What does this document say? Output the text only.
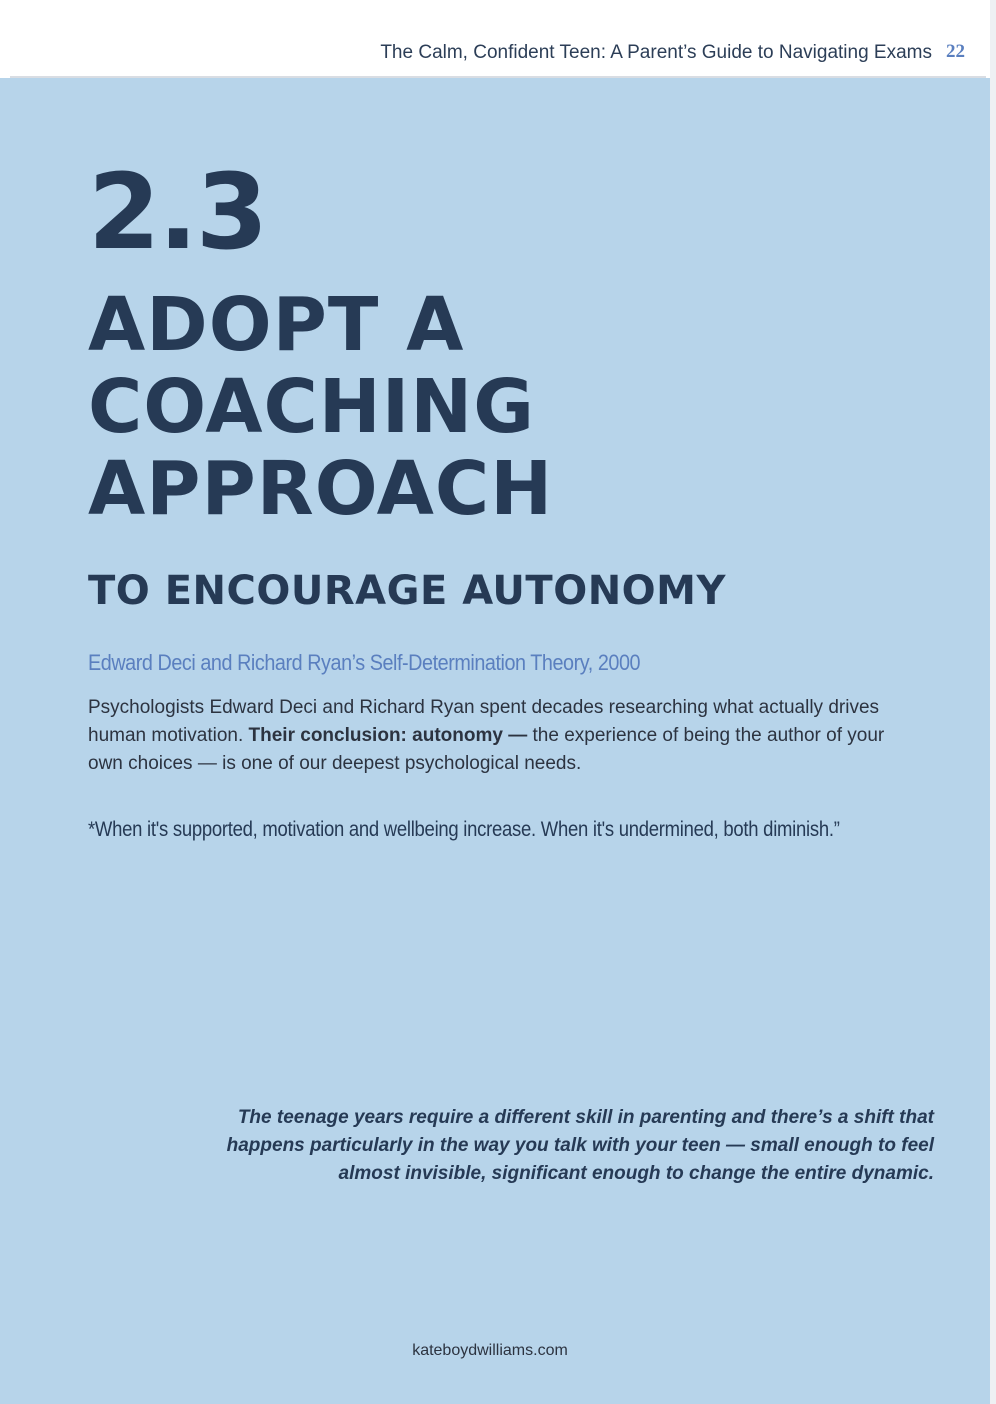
The Calm, Confident Teen: A Parent’s Guide to Navigating Exams 22
2.3
ADOPT A
COACHING
APPROACH
TO ENCOURAGE AUTONOMY
Edward Deci and Richard Ryan’s Self-Determination Theory, 2000

Psychologists Edward Deci and Richard Ryan spent decades researching what actually drives human motivation. Their conclusion: autonomy — the experience of being the author of your own choices — is one of our deepest psychological needs.

*When it's supported, motivation and wellbeing increase. When it's undermined, both diminish.”

The teenage years require a different skill in parenting and there’s a shift that happens particularly in the way you talk with your teen — small enough to feel almost invisible, significant enough to change the entire dynamic.

kateboydwilliams.com
